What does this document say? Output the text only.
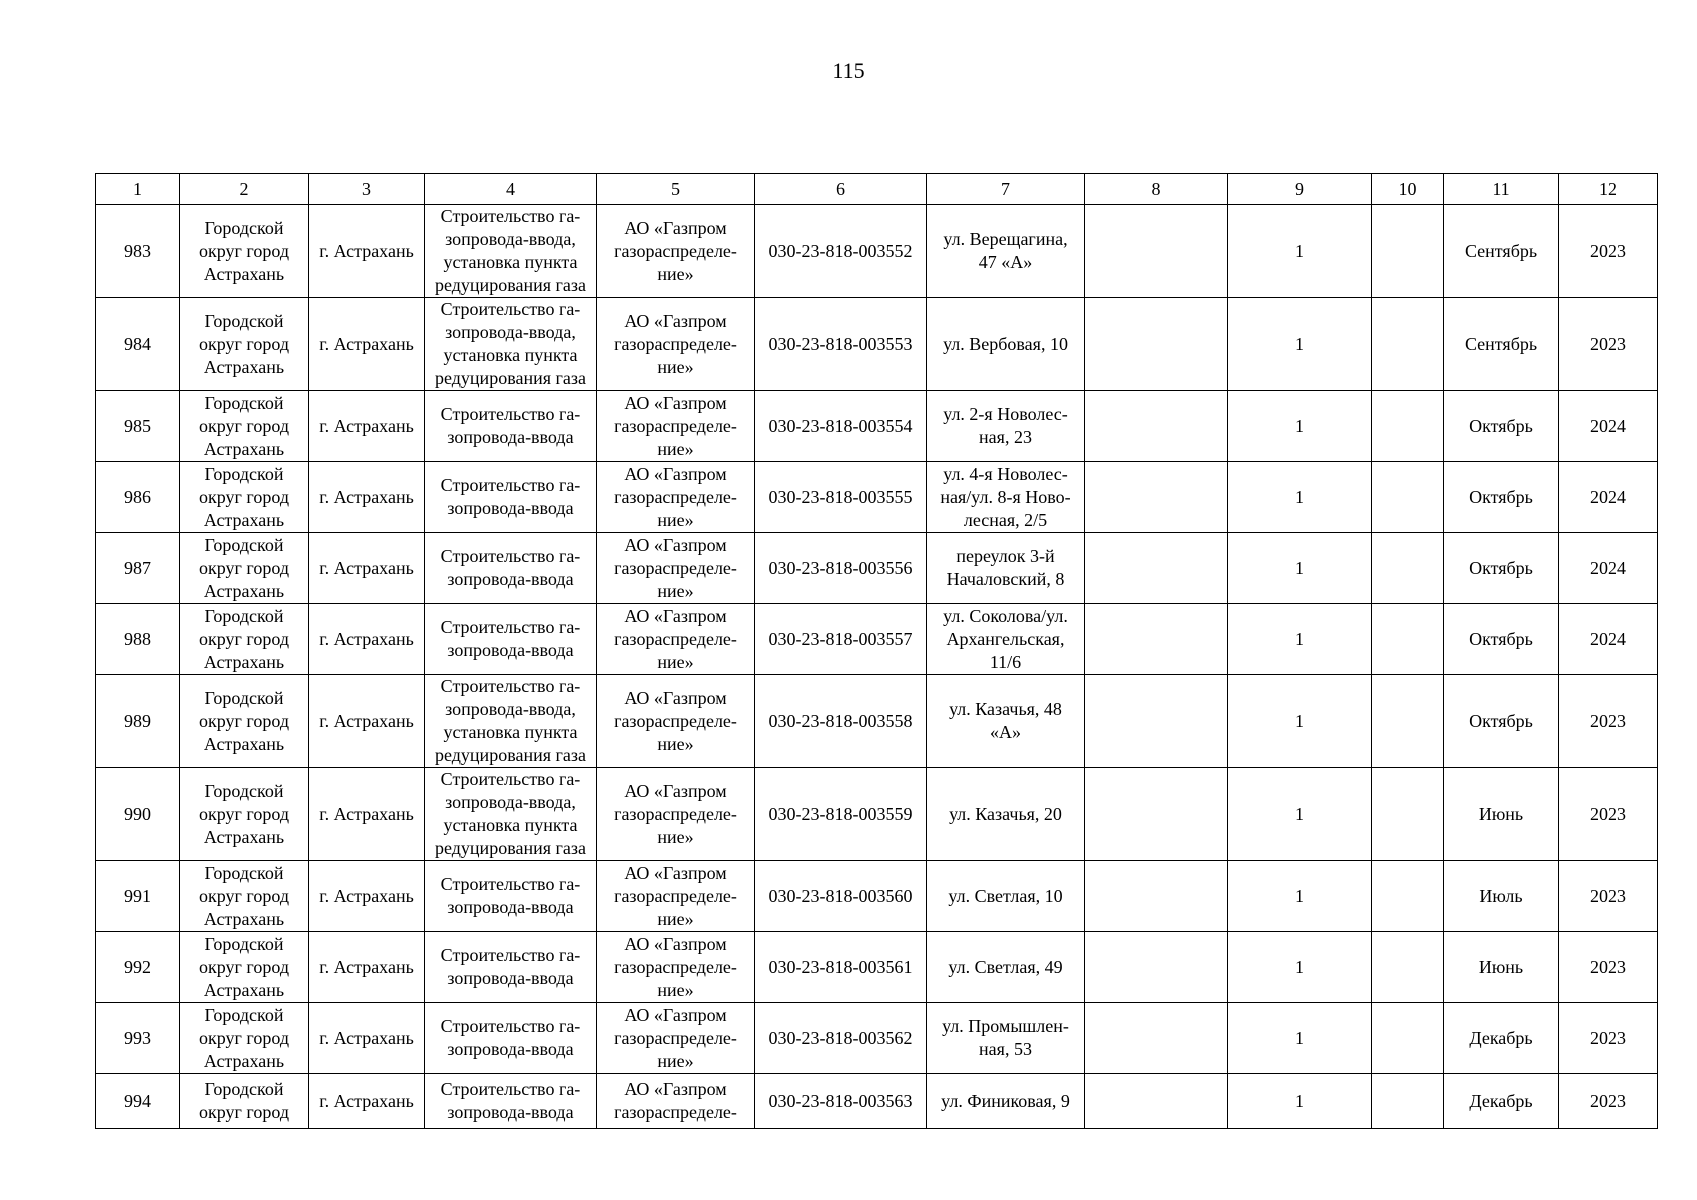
115
1	2	3	4	5	6	7	8	9	10	11	12
983	Городской
округ город
Астрахань	г. Астрахань	Строительство га-
зопровода-ввода,
установка пункта
редуцирования газа	АО «Газпром
газораспределе-
ние»	030-23-818-003552	ул. Верещагина,
47 «А»		1		Сентябрь	2023
984	Городской
округ город
Астрахань	г. Астрахань	Строительство га-
зопровода-ввода,
установка пункта
редуцирования газа	АО «Газпром
газораспределе-
ние»	030-23-818-003553	ул. Вербовая, 10		1		Сентябрь	2023
985	Городской
округ город
Астрахань	г. Астрахань	Строительство га-
зопровода-ввода	АО «Газпром
газораспределе-
ние»	030-23-818-003554	ул. 2-я Новолес-
ная, 23		1		Октябрь	2024
986	Городской
округ город
Астрахань	г. Астрахань	Строительство га-
зопровода-ввода	АО «Газпром
газораспределе-
ние»	030-23-818-003555	ул. 4-я Новолес-
ная/ул. 8-я Ново-
лесная, 2/5		1		Октябрь	2024
987	Городской
округ город
Астрахань	г. Астрахань	Строительство га-
зопровода-ввода	АО «Газпром
газораспределе-
ние»	030-23-818-003556	переулок 3-й
Началовский, 8		1		Октябрь	2024
988	Городской
округ город
Астрахань	г. Астрахань	Строительство га-
зопровода-ввода	АО «Газпром
газораспределе-
ние»	030-23-818-003557	ул. Соколова/ул.
Архангельская,
11/6		1		Октябрь	2024
989	Городской
округ город
Астрахань	г. Астрахань	Строительство га-
зопровода-ввода,
установка пункта
редуцирования газа	АО «Газпром
газораспределе-
ние»	030-23-818-003558	ул. Казачья, 48
«А»		1		Октябрь	2023
990	Городской
округ город
Астрахань	г. Астрахань	Строительство га-
зопровода-ввода,
установка пункта
редуцирования газа	АО «Газпром
газораспределе-
ние»	030-23-818-003559	ул. Казачья, 20		1		Июнь	2023
991	Городской
округ город
Астрахань	г. Астрахань	Строительство га-
зопровода-ввода	АО «Газпром
газораспределе-
ние»	030-23-818-003560	ул. Светлая, 10		1		Июль	2023
992	Городской
округ город
Астрахань	г. Астрахань	Строительство га-
зопровода-ввода	АО «Газпром
газораспределе-
ние»	030-23-818-003561	ул. Светлая, 49		1		Июнь	2023
993	Городской
округ город
Астрахань	г. Астрахань	Строительство га-
зопровода-ввода	АО «Газпром
газораспределе-
ние»	030-23-818-003562	ул. Промышлен-
ная, 53		1		Декабрь	2023
994	Городской
округ город	г. Астрахань	Строительство га-
зопровода-ввода	АО «Газпром
газораспределе-	030-23-818-003563	ул. Финиковая, 9		1		Декабрь	2023
